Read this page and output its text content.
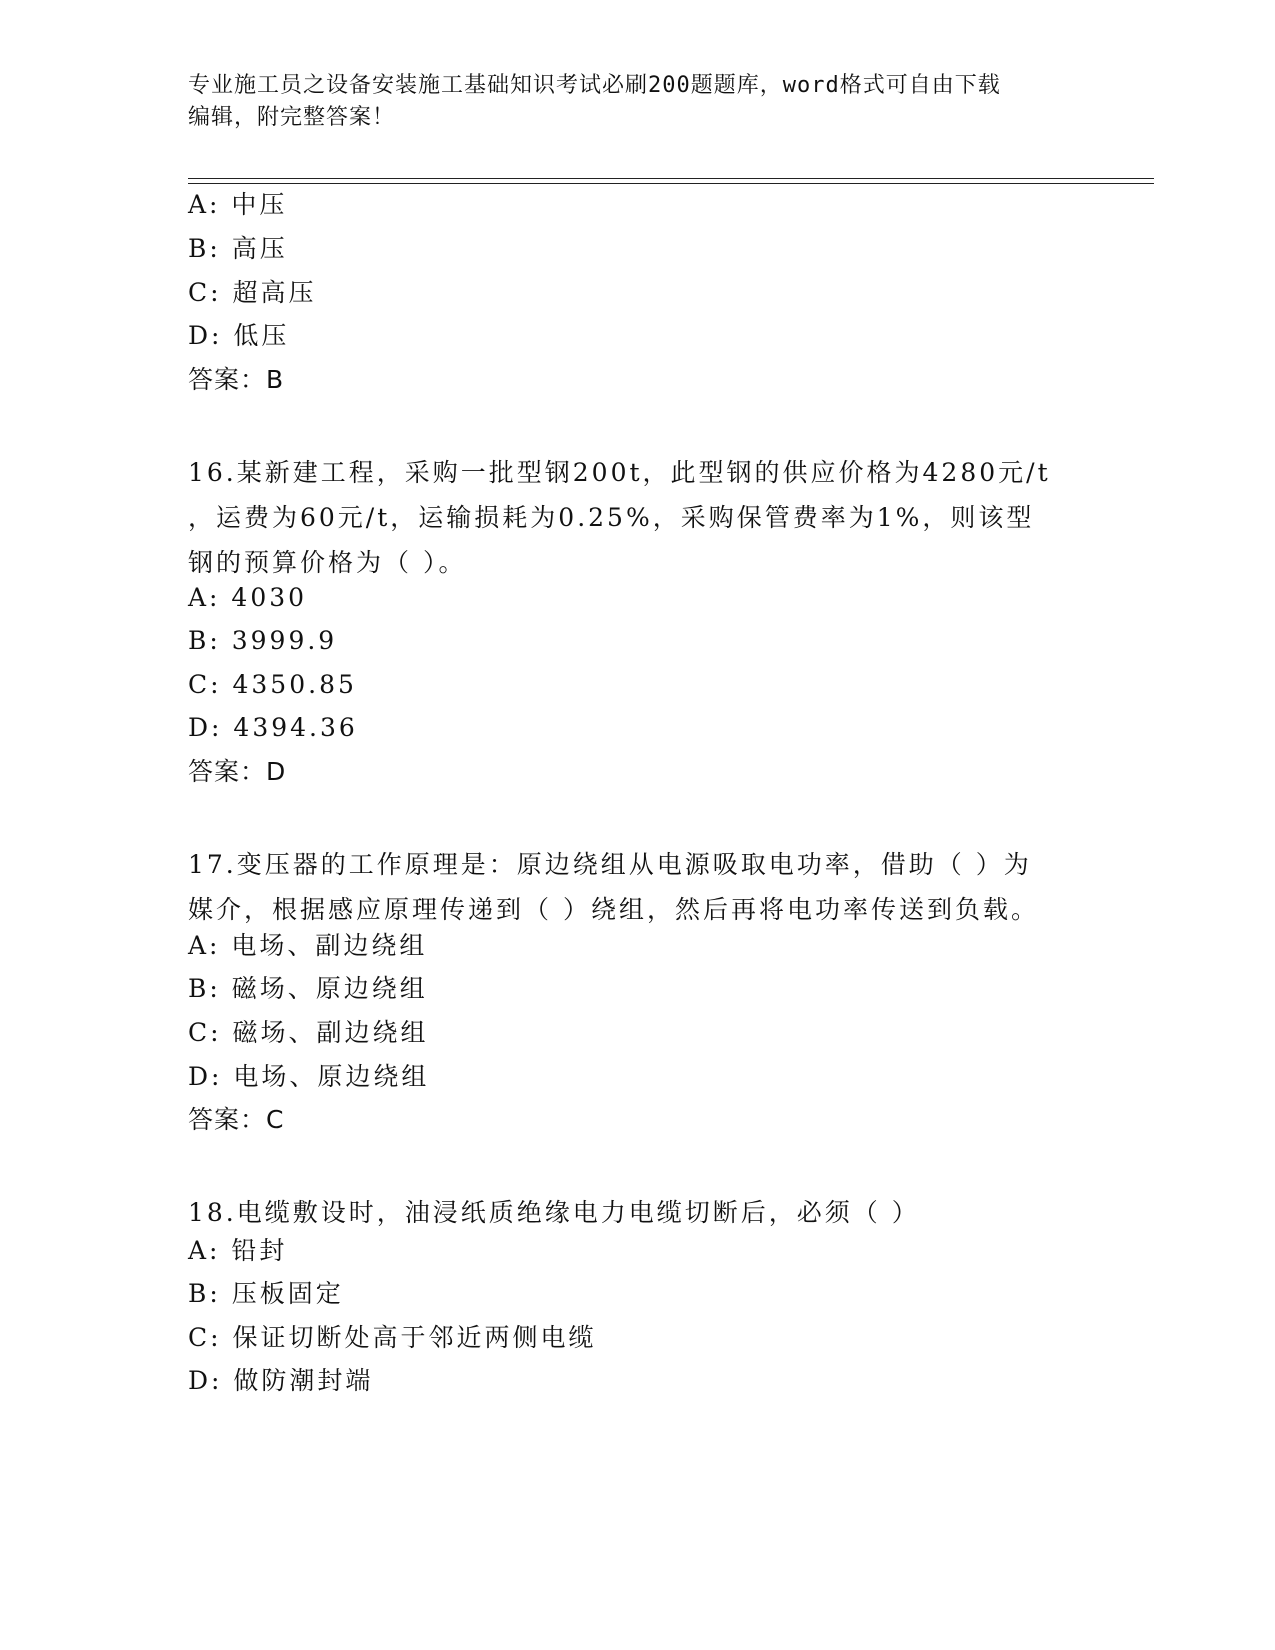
专业施工员之设备安装施工基础知识考试必刷200题题库，word格式可自由下载
编辑，附完整答案！
A: 中压
B: 高压
C: 超高压
D: 低压
答案：B
16.某新建工程，采购一批型钢200t，此型钢的供应价格为4280元/t
，运费为60元/t，运输损耗为0.25%，采购保管费率为1%，则该型
钢的预算价格为（ ）。
A: 4030
B: 3999.9
C: 4350.85
D: 4394.36
答案：D
17.变压器的工作原理是：原边绕组从电源吸取电功率，借助（ ）为
媒介，根据感应原理传递到（ ）绕组，然后再将电功率传送到负载。
A: 电场、副边绕组
B: 磁场、原边绕组
C: 磁场、副边绕组
D: 电场、原边绕组
答案：C
18.电缆敷设时，油浸纸质绝缘电力电缆切断后，必须（ ）
A: 铅封
B: 压板固定
C: 保证切断处高于邻近两侧电缆
D: 做防潮封端
